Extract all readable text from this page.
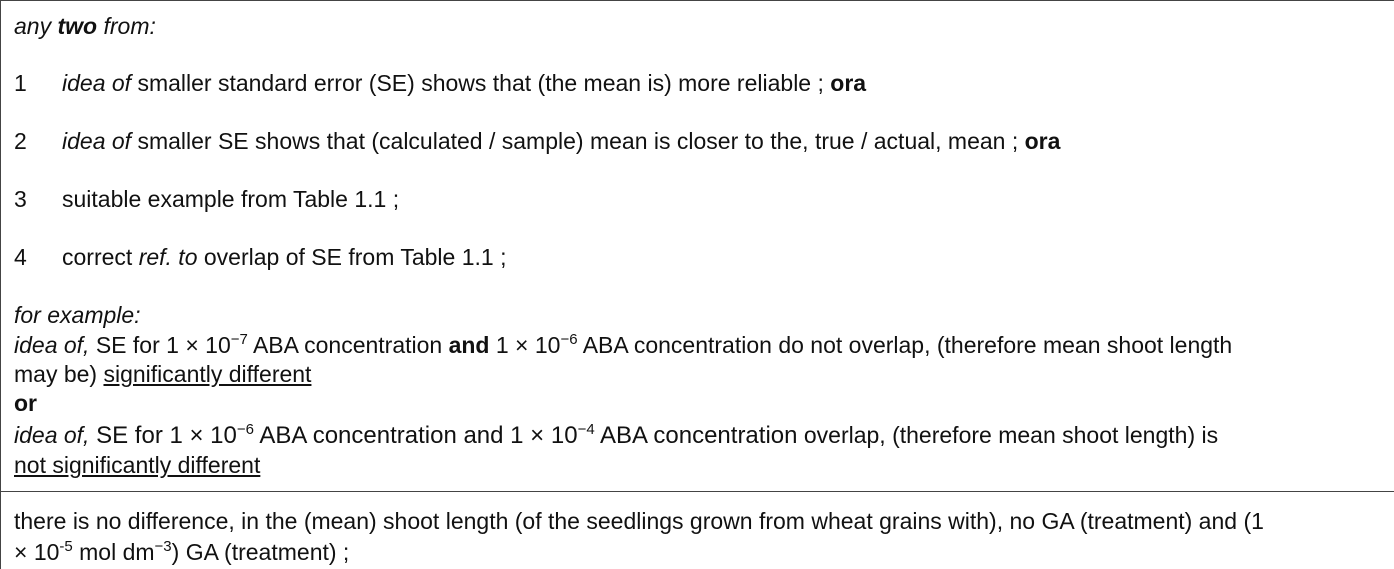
any two from:
1 idea of smaller standard error (SE) shows that (the mean is) more reliable ; ora
2 idea of smaller SE shows that (calculated / sample) mean is closer to the, true / actual, mean ; ora
3 suitable example from Table 1.1 ;
4 correct ref. to overlap of SE from Table 1.1 ;
for example:
idea of, SE for $1 \times 10^{-7}$ ABA concentration and $1 \times 10^{-6}$ ABA concentration do not overlap, (therefore mean shoot length
may be) significantly different
or
idea of, SE for $1 \times 10^{-6}$ ABA concentration and $1 \times 10^{-4}$ ABA concentration overlap, (therefore mean shoot length) is
not significantly different
there is no difference, in the (mean) shoot length (of the seedlings grown from wheat grains with), no GA (treatment) and (1
× $10^{-5}$ mol $dm^{-3}$) GA (treatment) ;
